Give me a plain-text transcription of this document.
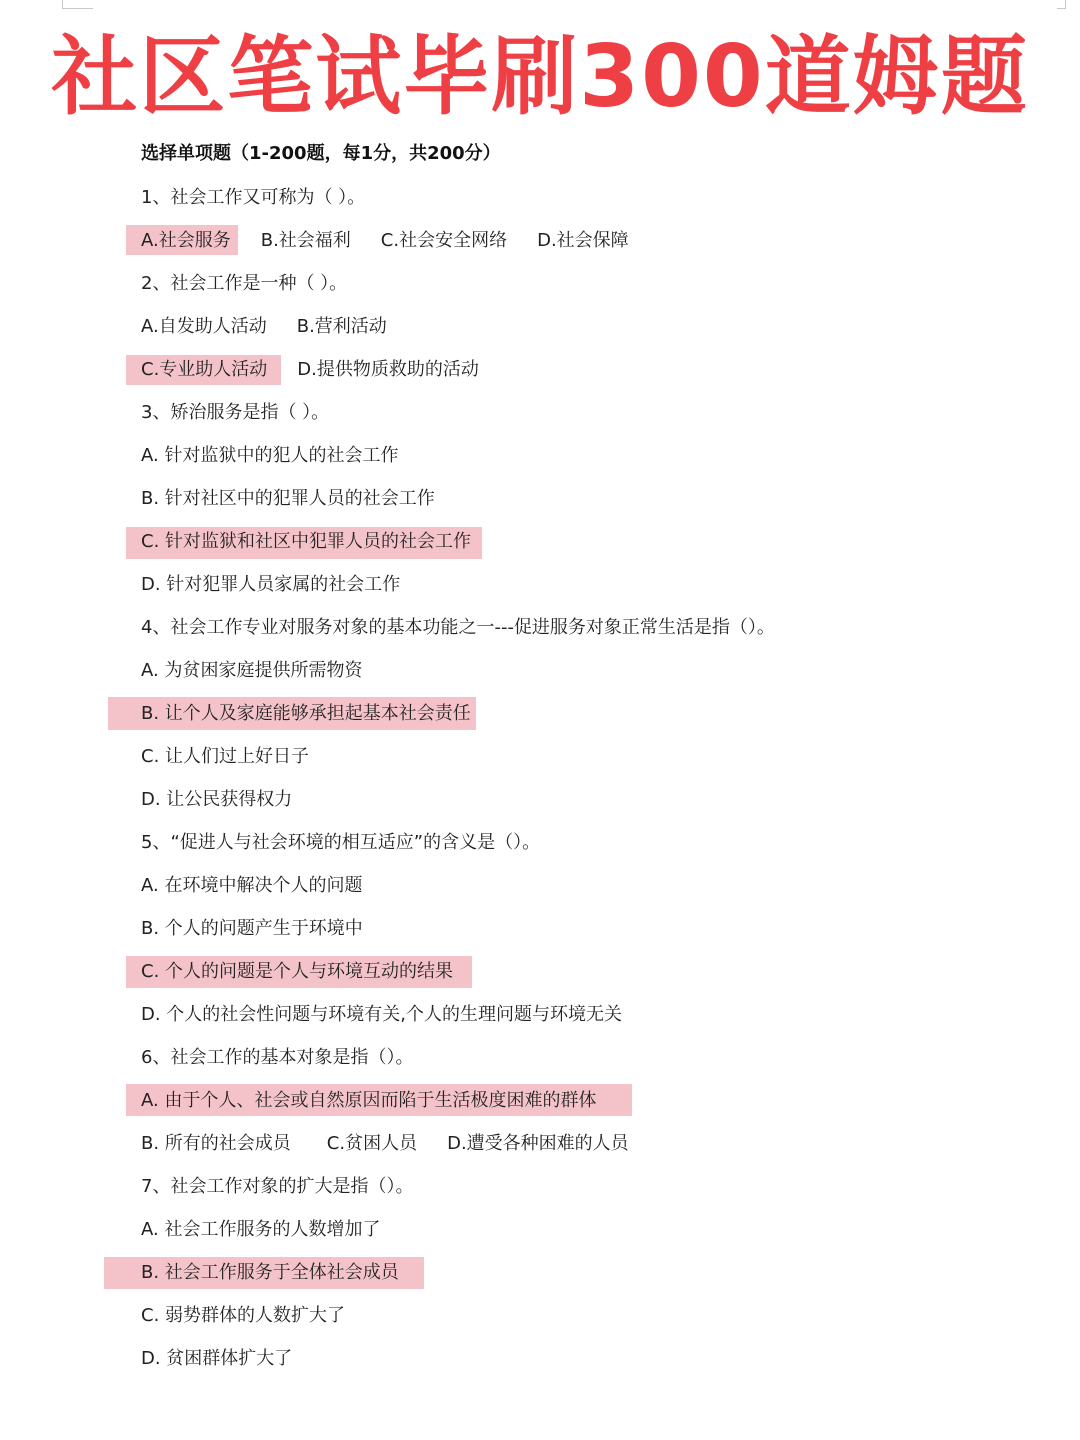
社区笔试毕刷300道姆题
选择单项题（1-200题，每1分，共200分）
1、社会工作又可称为（ ）。
A.社会服务 B.社会福利 C.社会安全网络 D.社会保障
2、社会工作是一种（ ）。
A.自发助人活动 B.营利活动
C.专业助人活动 D.提供物质救助的活动
3、矫治服务是指（ ）。
A. 针对监狱中的犯人的社会工作
B. 针对社区中的犯罪人员的社会工作
C. 针对监狱和社区中犯罪人员的社会工作
D. 针对犯罪人员家属的社会工作
4、社会工作专业对服务对象的基本功能之一---促进服务对象正常生活是指（）。
A. 为贫困家庭提供所需物资
B. 让个人及家庭能够承担起基本社会责任
C. 让人们过上好日子
D. 让公民获得权力
5、“促进人与社会环境的相互适应”的含义是（）。
A. 在环境中解决个人的问题
B. 个人的问题产生于环境中
C. 个人的问题是个人与环境互动的结果
D. 个人的社会性问题与环境有关,个人的生理问题与环境无关
6、社会工作的基本对象是指（）。
A. 由于个人、社会或自然原因而陷于生活极度困难的群体
B. 所有的社会成员 C.贫困人员 D.遭受各种困难的人员
7、社会工作对象的扩大是指（）。
A. 社会工作服务的人数增加了
B. 社会工作服务于全体社会成员
C. 弱势群体的人数扩大了
D. 贫困群体扩大了
